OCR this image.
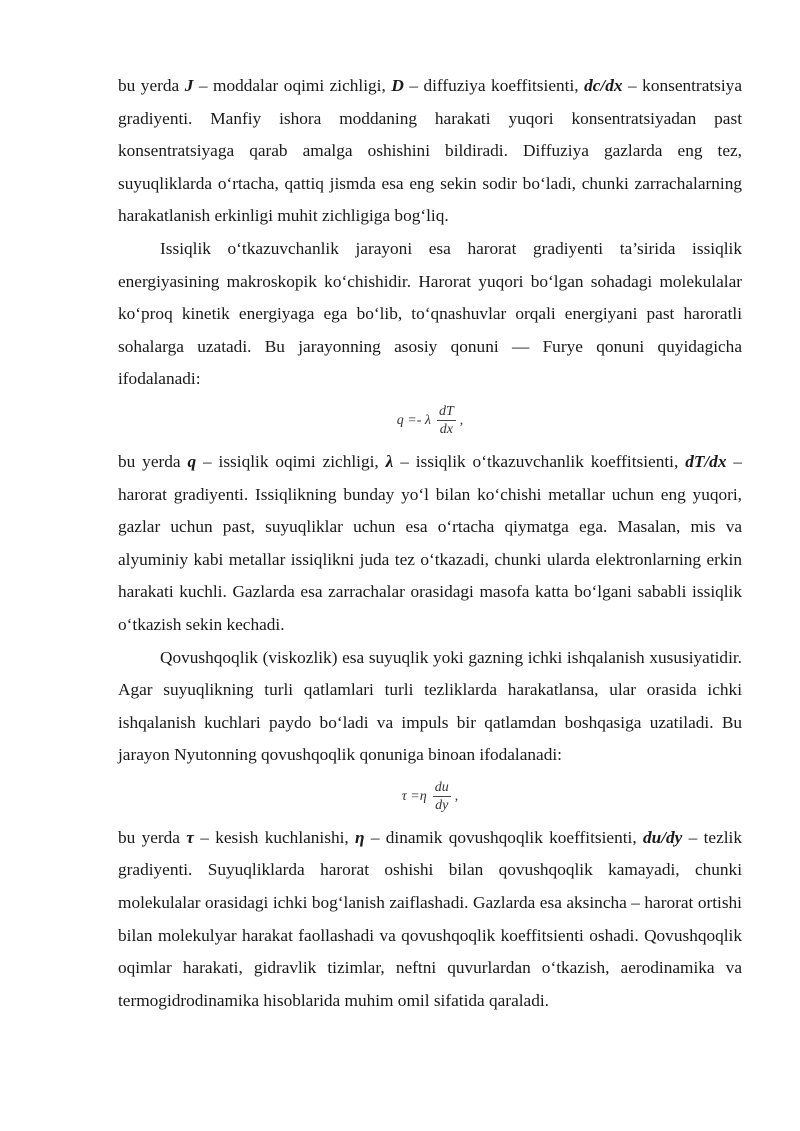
bu yerda J – moddalar oqimi zichligi, D – diffuziya koeffitsienti, dc/dx – konsentratsiya gradiyenti. Manfiy ishora moddaning harakati yuqori konsentratsiyadan past konsentratsiyaga qarab amalga oshishini bildiradi. Diffuziya gazlarda eng tez, suyuqliklarda o‘rtacha, qattiq jismda esa eng sekin sodir bo‘ladi, chunki zarrachalarning harakatlanish erkinligi muhit zichligiga bog‘liq.

Issiqlik o‘tkazuvchanlik jarayoni esa harorat gradiyenti ta’sirida issiqlik energiyasining makroskopik ko‘chishidir. Harorat yuqori bo‘lgan sohadagi molekulalar ko‘proq kinetik energiyaga ega bo‘lib, to‘qnashuvlar orqali energiyani past haroratli sohalarga uzatadi. Bu jarayonning asosiy qonuni — Furye qonuni quyidagicha ifodalanadi:

q =- λ $\frac{dT}{dx}$ ,

bu yerda q – issiqlik oqimi zichligi, λ – issiqlik o‘tkazuvchanlik koeffitsienti, dT/dx – harorat gradiyenti. Issiqlikning bunday yo‘l bilan ko‘chishi metallar uchun eng yuqori, gazlar uchun past, suyuqliklar uchun esa o‘rtacha qiymatga ega. Masalan, mis va alyuminiy kabi metallar issiqlikni juda tez o‘tkazadi, chunki ularda elektronlarning erkin harakati kuchli. Gazlarda esa zarrachalar orasidagi masofa katta bo‘lgani sababli issiqlik o‘tkazish sekin kechadi.

Qovushqoqlik (viskozlik) esa suyuqlik yoki gazning ichki ishqalanish xususiyatidir. Agar suyuqlikning turli qatlamlari turli tezliklarda harakatlansa, ular orasida ichki ishqalanish kuchlari paydo bo‘ladi va impuls bir qatlamdan boshqasiga uzatiladi. Bu jarayon Nyutonning qovushqoqlik qonuniga binoan ifodalanadi:

$\tau =\eta \frac{du}{dy}$ ,

bu yerda τ – kesish kuchlanishi, η – dinamik qovushqoqlik koeffitsienti, du/dy – tezlik gradiyenti. Suyuqliklarda harorat oshishi bilan qovushqoqlik kamayadi, chunki molekulalar orasidagi ichki bog‘lanish zaiflashadi. Gazlarda esa aksincha – harorat ortishi bilan molekulyar harakat faollashadi va qovushqoqlik koeffitsienti oshadi. Qovushqoqlik oqimlar harakati, gidravlik tizimlar, neftni quvurlardan o‘tkazish, aerodinamika va termogidrodinamika hisoblarida muhim omil sifatida qaraladi.
